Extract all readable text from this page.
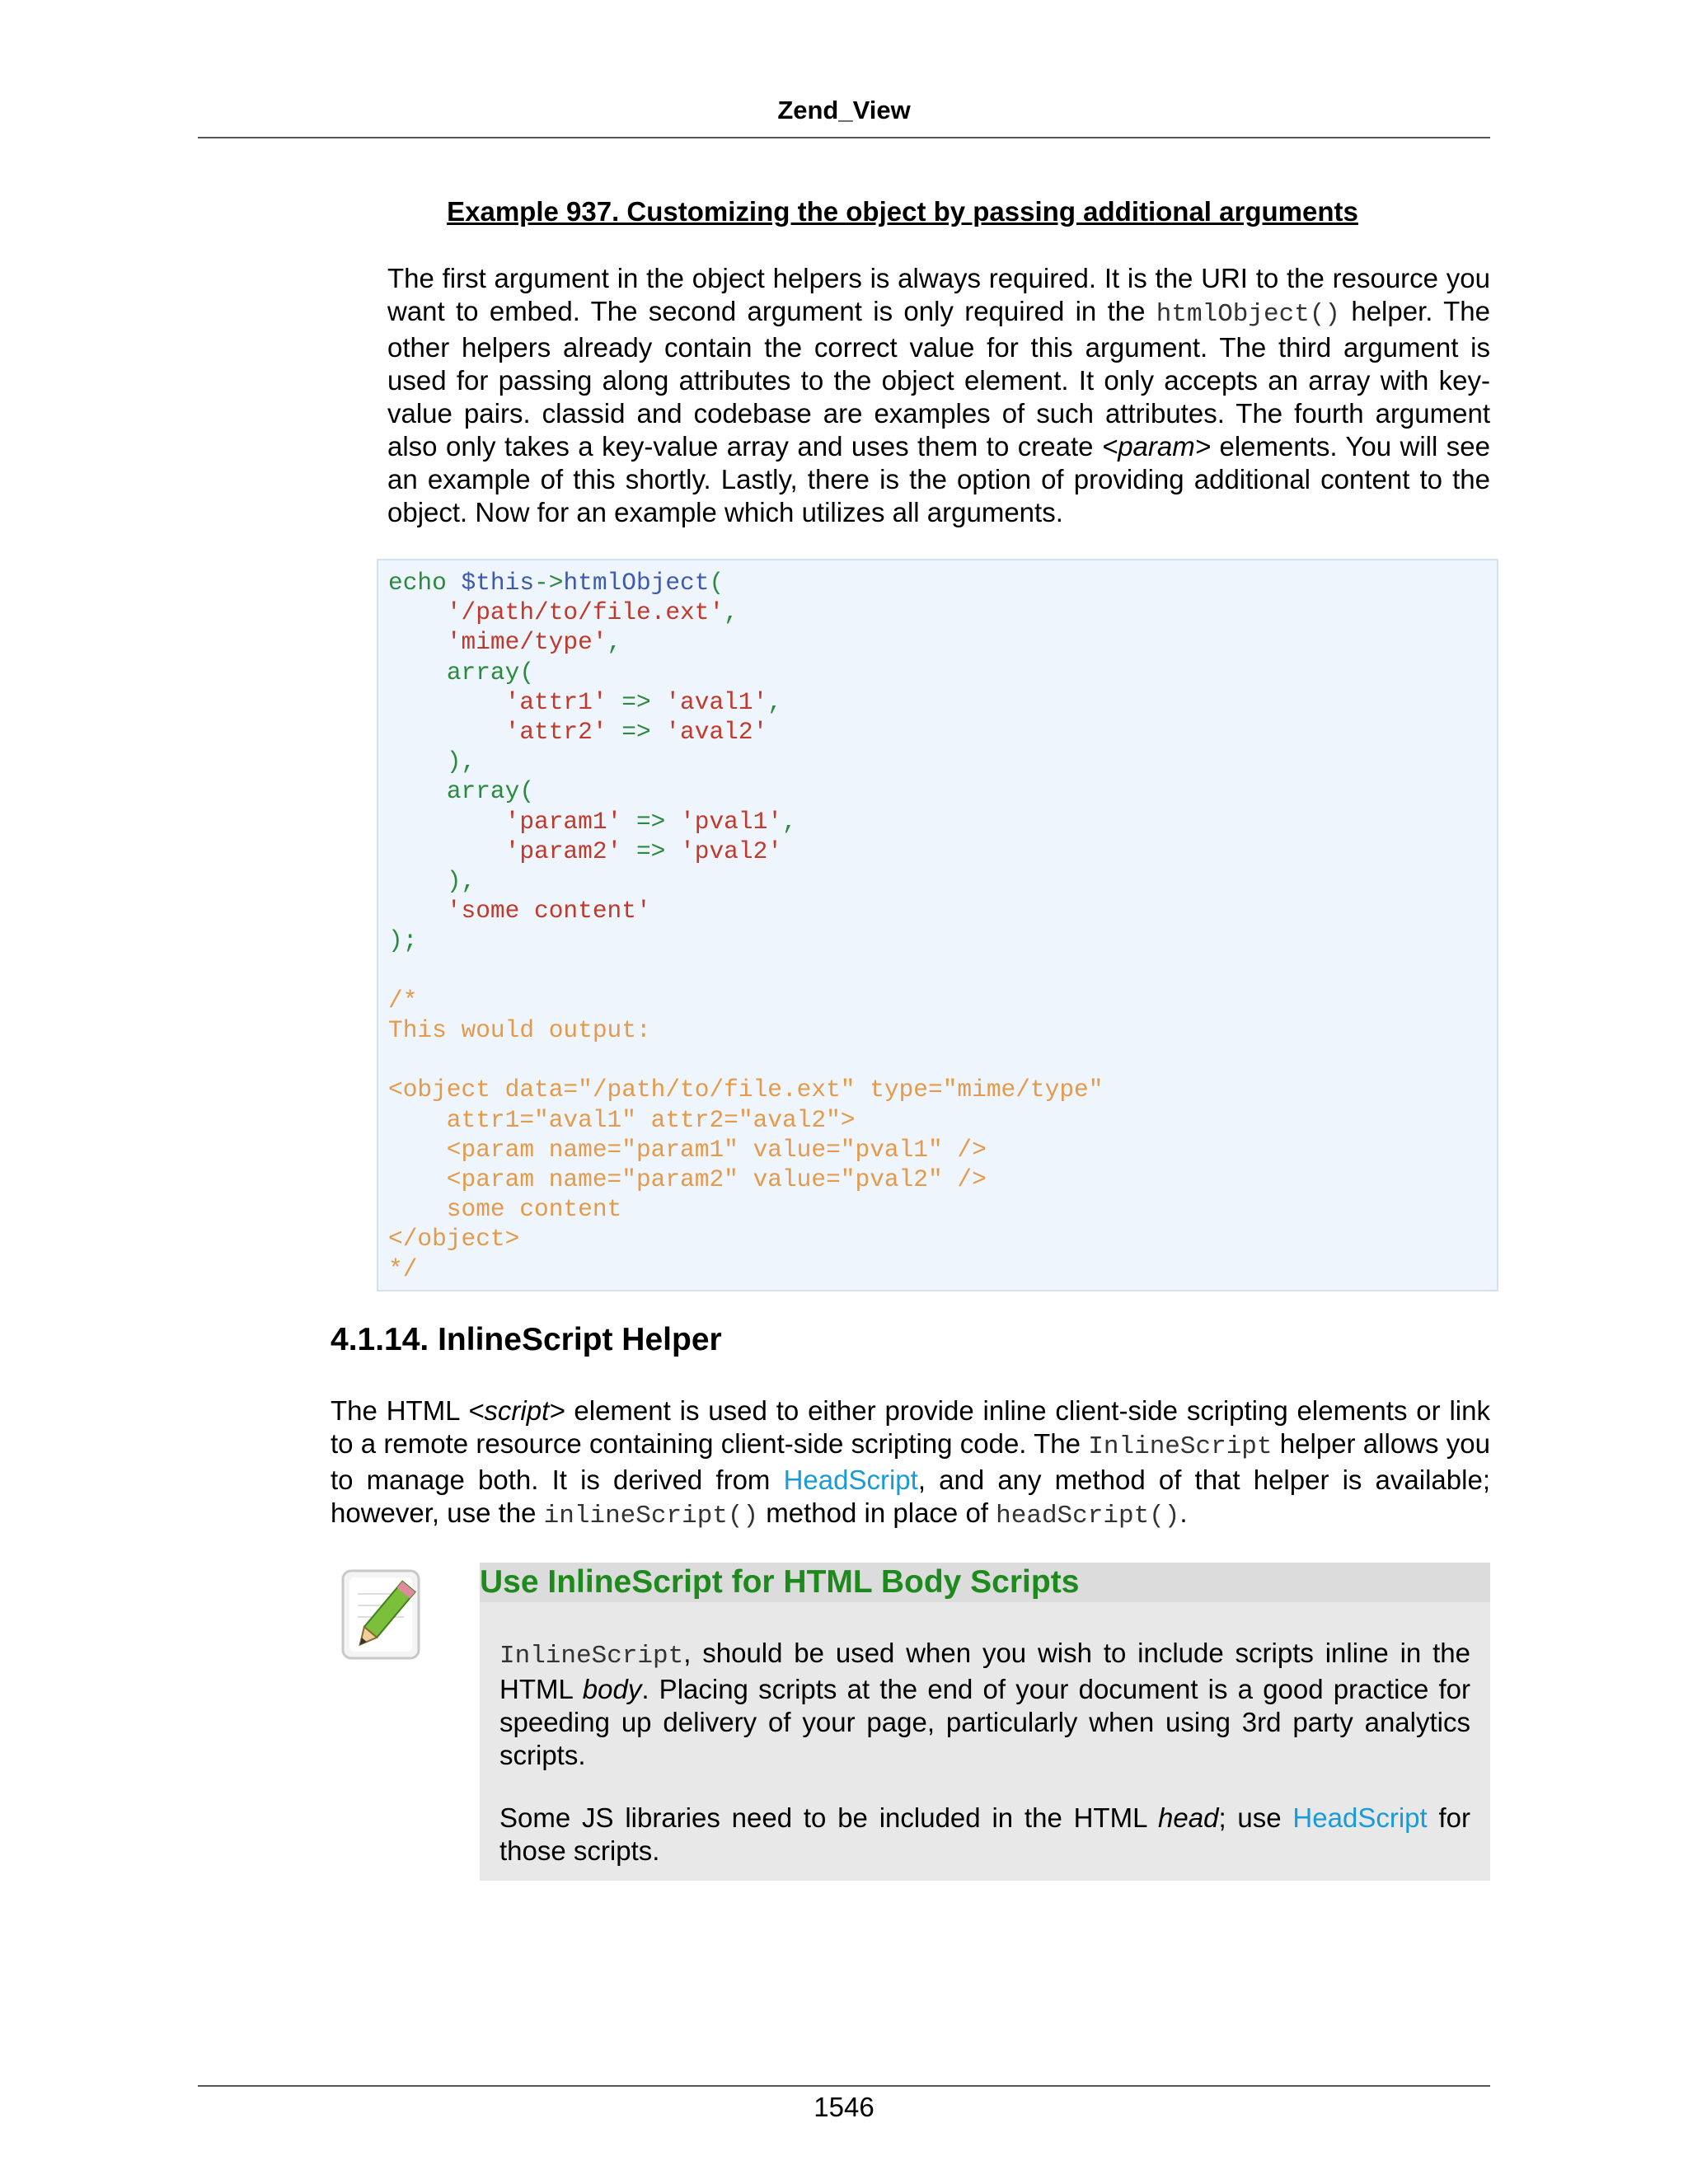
Zend_View
Example 937. Customizing the object by passing additional arguments
The first argument in the object helpers is always required. It is the URI to the resource you want to embed. The second argument is only required in the htmlObject() helper. The other helpers already contain the correct value for this argument. The third argument is used for passing along attributes to the object element. It only accepts an array with key-value pairs. classid and codebase are examples of such attributes. The fourth argument also only takes a key-value array and uses them to create <param> elements. You will see an example of this shortly. Lastly, there is the option of providing additional content to the object. Now for an example which utilizes all arguments.
echo $this->htmlObject(
'/path/to/file.ext',
'mime/type',
array(
'attr1' => 'aval1',
'attr2' => 'aval2'
),
array(
'param1' => 'pval1',
'param2' => 'pval2'
),
'some content'
);

/*
This would output:

<object data="/path/to/file.ext" type="mime/type"
attr1="aval1" attr2="aval2">
<param name="param1" value="pval1" />
<param name="param2" value="pval2" />
some content
</object>
*/
4.1.14. InlineScript Helper
The HTML <script> element is used to either provide inline client-side scripting elements or link to a remote resource containing client-side scripting code. The InlineScript helper allows you to manage both. It is derived from HeadScript, and any method of that helper is available; however, use the inlineScript() method in place of headScript().
Use InlineScript for HTML Body Scripts
InlineScript, should be used when you wish to include scripts inline in the HTML body. Placing scripts at the end of your document is a good practice for speeding up delivery of your page, particularly when using 3rd party analytics scripts.
Some JS libraries need to be included in the HTML head; use HeadScript for those scripts.
1546
